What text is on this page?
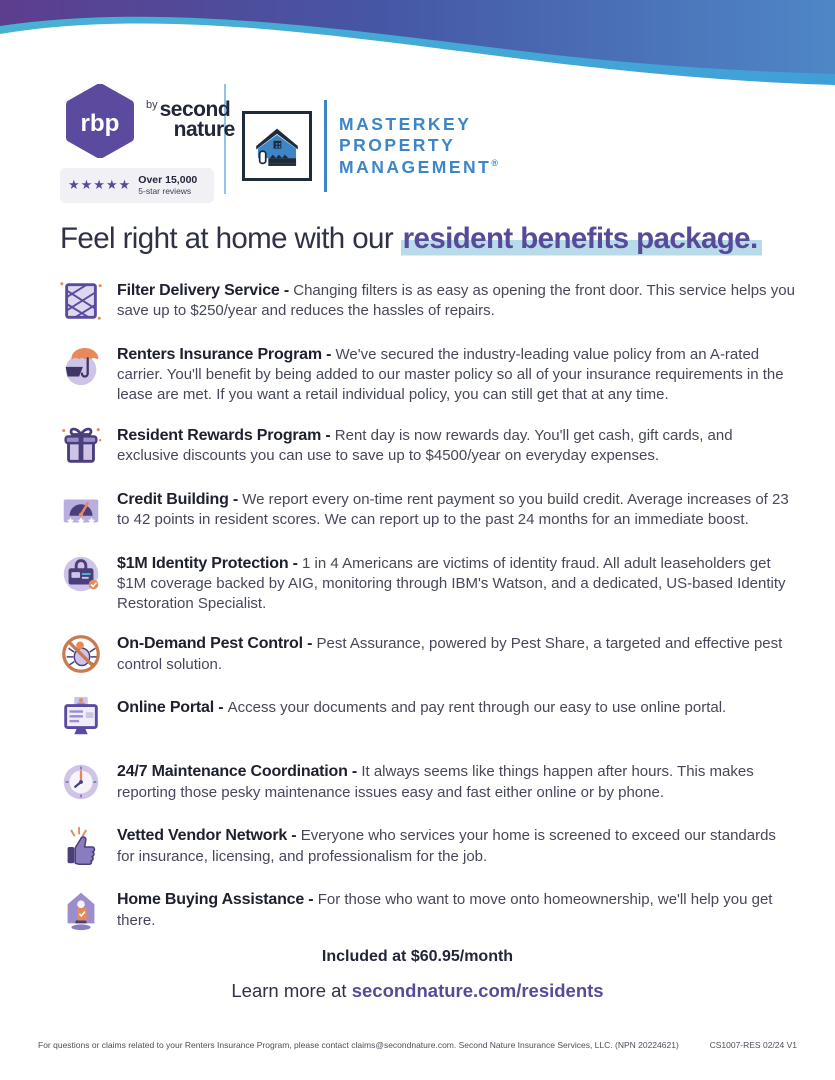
rbp
$^{by}$second
nature
★★★★★ Over 15,000
5-star reviews
MASTERKEY
PROPERTY
MANAGEMENT®
Feel right at home with our resident benefits package.
Filter Delivery Service - Changing filters is as easy as opening the front door. This service helps you save up to $250/year and reduces the hassles of repairs.
Renters Insurance Program - We've secured the industry-leading value policy from an A-rated carrier. You'll benefit by being added to our master policy so all of your insurance requirements in the lease are met. If you want a retail individual policy, you can still get that at any time.
Resident Rewards Program - Rent day is now rewards day. You'll get cash, gift cards, and exclusive discounts you can use to save up to $4500/year on everyday expenses.
Credit Building - We report every on-time rent payment so you build credit. Average increases of 23 to 42 points in resident scores. We can report up to the past 24 months for an immediate boost.
$1M Identity Protection - 1 in 4 Americans are victims of identity fraud. All adult leaseholders get $1M coverage backed by AIG, monitoring through IBM's Watson, and a dedicated, US-based Identity Restoration Specialist.
On-Demand Pest Control - Pest Assurance, powered by Pest Share, a targeted and effective pest control solution.
Online Portal - Access your documents and pay rent through our easy to use online portal.
24/7 Maintenance Coordination - It always seems like things happen after hours. This makes reporting those pesky maintenance issues easy and fast either online or by phone.
Vetted Vendor Network - Everyone who services your home is screened to exceed our standards for insurance, licensing, and professionalism for the job.
Home Buying Assistance - For those who want to move onto homeownership, we'll help you get there.
Included at $60.95/month
Learn more at secondnature.com/residents
For questions or claims related to your Renters Insurance Program, please contact claims@secondnature.com. Second Nature Insurance Services, LLC. (NPN 20224621)	CS1007-RES 02/24 V1
